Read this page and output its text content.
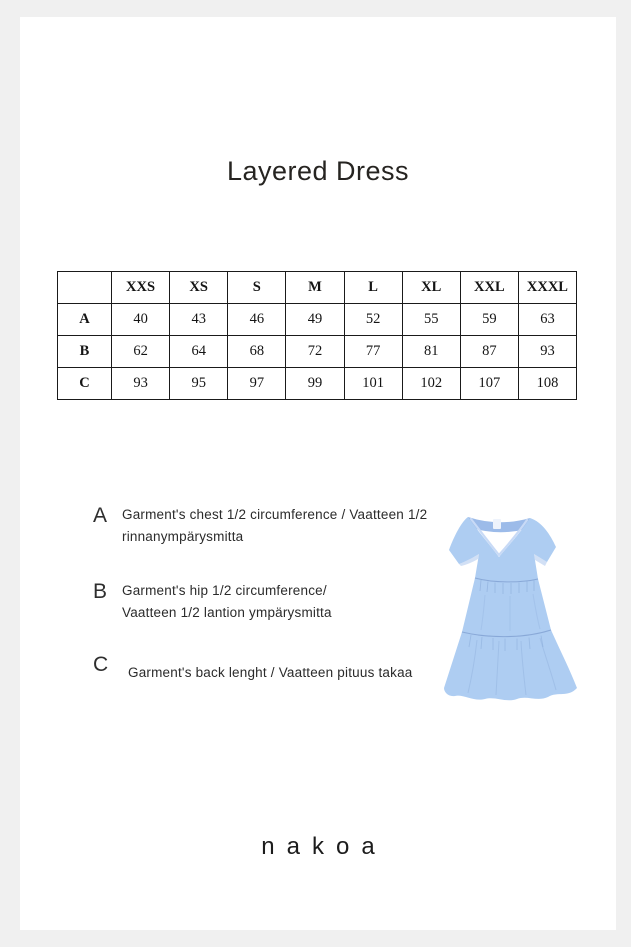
Layered Dress
	XXS	XS	S	M	L	XL	XXL	XXXL
A	40	43	46	49	52	55	59	63
B	62	64	68	72	77	81	87	93
C	93	95	97	99	101	102	107	108
A	Garment's chest 1/2 circumference / Vaatteen 1/2
rinnanympärysmitta
B	Garment's hip 1/2 circumference/
Vaatteen 1/2 lantion ympärysmitta
C	Garment's back lenght / Vaatteen pituus takaa
nakoa
